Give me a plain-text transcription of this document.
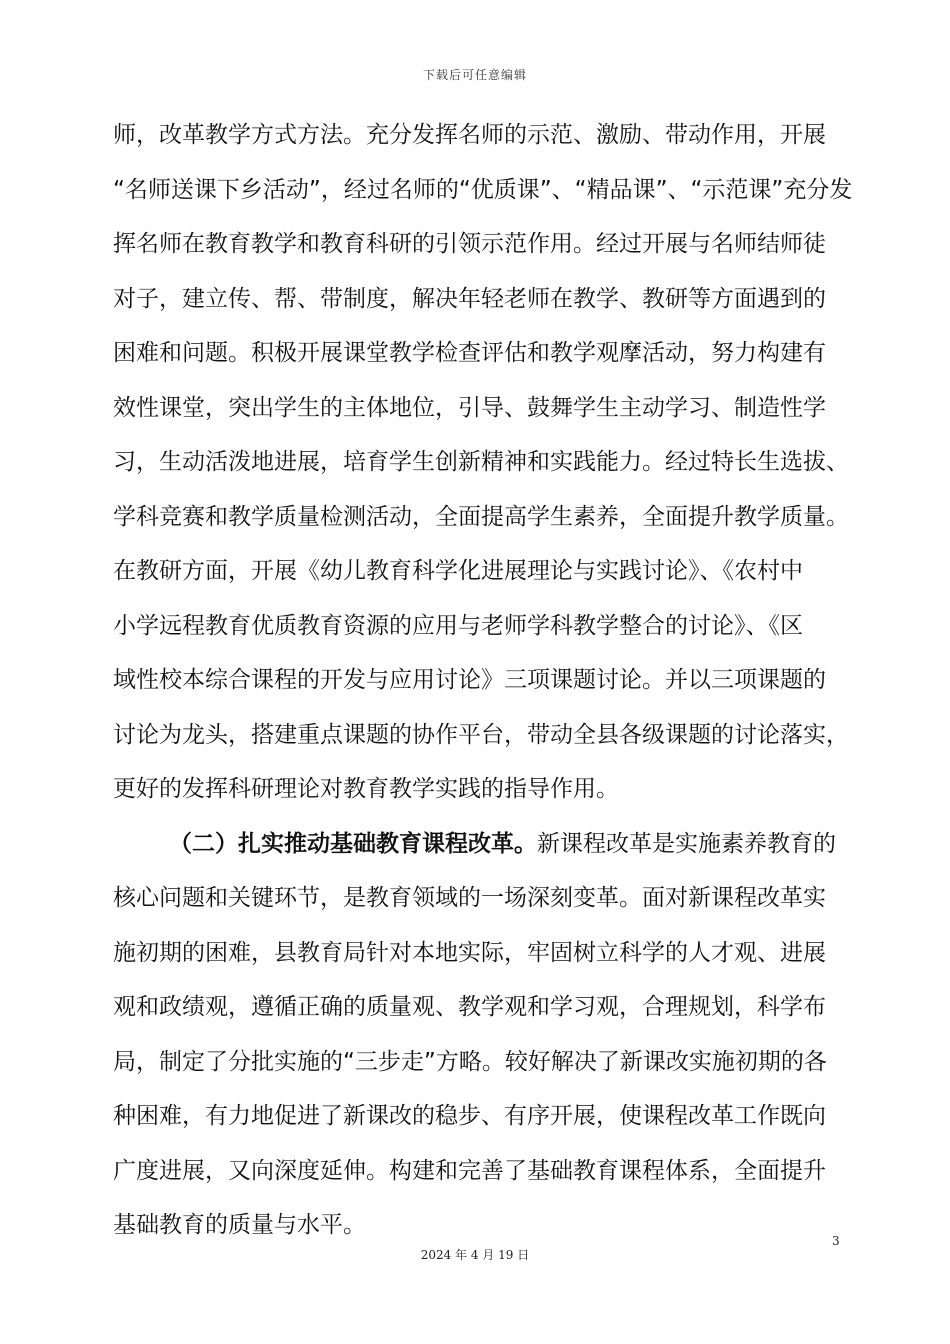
下载后可任意编辑
师，改革教学方式方法。充分发挥名师的示范、激励、带动作用，开展
“名师送课下乡活动”，经过名师的“优质课”、“精品课”、“示范课”充分发
挥名师在教育教学和教育科研的引领示范作用。经过开展与名师结师徒
对子，建立传、帮、带制度，解决年轻老师在教学、教研等方面遇到的
困难和问题。积极开展课堂教学检查评估和教学观摩活动，努力构建有
效性课堂，突出学生的主体地位，引导、鼓舞学生主动学习、制造性学
习，生动活泼地进展，培育学生创新精神和实践能力。经过特长生选拔、
学科竞赛和教学质量检测活动，全面提高学生素养，全面提升教学质量。
在教研方面，开展《幼儿教育科学化进展理论与实践讨论》、《农村中
小学远程教育优质教育资源的应用与老师学科教学整合的讨论》、《区
域性校本综合课程的开发与应用讨论》三项课题讨论。并以三项课题的
讨论为龙头，搭建重点课题的协作平台，带动全县各级课题的讨论落实，
更好的发挥科研理论对教育教学实践的指导作用。
（二）扎实推动基础教育课程改革。新课程改革是实施素养教育的
核心问题和关键环节，是教育领域的一场深刻变革。面对新课程改革实
施初期的困难，县教育局针对本地实际，牢固树立科学的人才观、进展
观和政绩观，遵循正确的质量观、教学观和学习观，合理规划，科学布
局，制定了分批实施的“三步走”方略。较好解决了新课改实施初期的各
种困难，有力地促进了新课改的稳步、有序开展，使课程改革工作既向
广度进展，又向深度延伸。构建和完善了基础教育课程体系，全面提升
基础教育的质量与水平。
3
2024 年 4 月 19 日
